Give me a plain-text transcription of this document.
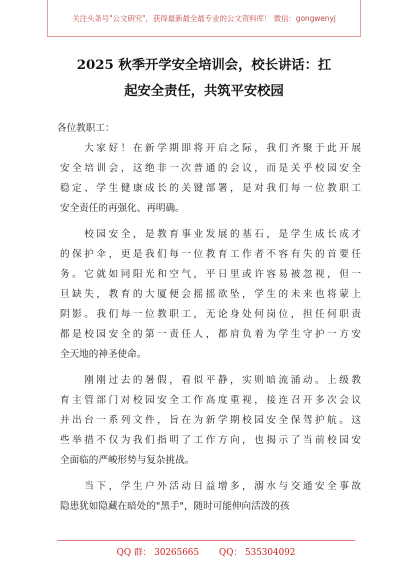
关注头条号"公文研究"，获得最新最全最专业的公文资料库！ 微信：gongwenyj
2025 秋季开学安全培训会，校长讲话：扛
起安全责任，共筑平安校园
各位教职工：
　　大家好！在新学期即将开启之际，我们齐聚于此开展
安全培训会，这绝非一次普通的会议，而是关乎校园安全
稳定、学生健康成长的关键部署，是对我们每一位教职工
安全责任的再强化、再明确。
　　校园安全，是教育事业发展的基石，是学生成长成才
的保护伞，更是我们每一位教育工作者不容有失的首要任
务。它就如同阳光和空气，平日里或许容易被忽视，但一
旦缺失，教育的大厦便会摇摇欲坠，学生的未来也将蒙上
阴影。我们每一位教职工，无论身处何岗位，担任何职责
都是校园安全的第一责任人，都肩负着为学生守护一方安
全天地的神圣使命。
　　刚刚过去的暑假，看似平静，实则暗流涌动。上级教
育主管部门对校园安全工作高度重视，接连召开多次会议
并出台一系列文件，旨在为新学期校园安全保驾护航。这
些举措不仅为我们指明了工作方向，也揭示了当前校园安
全面临的严峻形势与复杂挑战。
　　当下，学生户外活动日益增多，溺水与交通安全事故
隐患犹如隐藏在暗处的"黑手"，随时可能伸向活泼的孩
QQ 群： 30265665 QQ： 535304092
